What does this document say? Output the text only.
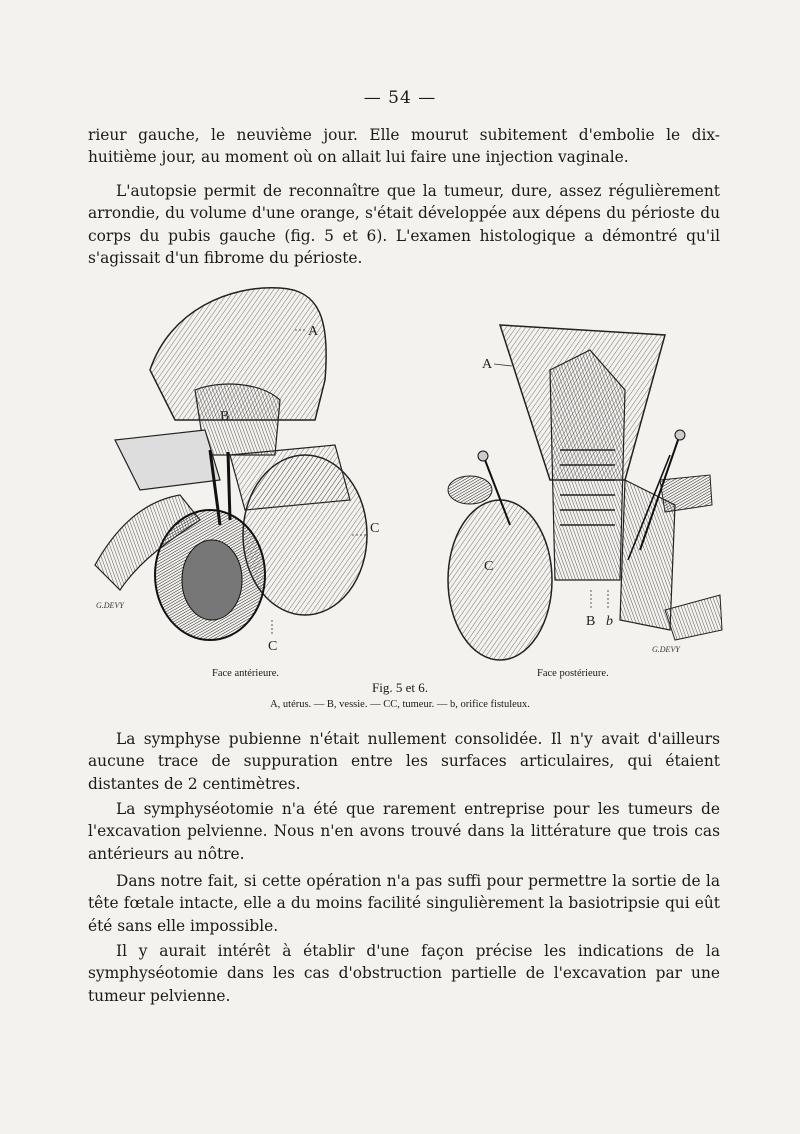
— 54 —

rieur gauche, le neuvième jour. Elle mourut subitement d'embolie le dix-huitième jour, au moment où on allait lui faire une injection vaginale.

L'autopsie permit de reconnaître que la tumeur, dure, assez régulièrement arrondie, du volume d'une orange, s'était développée aux dépens du périoste du corps du pubis gauche (fig. 5 et 6). L'examen histologique a démontré qu'il s'agissait d'un fibrome du périoste.

A
B
C
C
G.DEVY
A
C
B b
G.DEVY
Face antérieure.	Face postérieure.
Fig. 5 et 6.
A, utérus. — B, vessie. — CC, tumeur. — b, orifice fistuleux.

La symphyse pubienne n'était nullement consolidée. Il n'y avait d'ailleurs aucune trace de suppuration entre les surfaces articulaires, qui étaient distantes de 2 centimètres.

La symphyséotomie n'a été que rarement entreprise pour les tumeurs de l'excavation pelvienne. Nous n'en avons trouvé dans la littérature que trois cas antérieurs au nôtre.

Dans notre fait, si cette opération n'a pas suffi pour permettre la sortie de la tête fœtale intacte, elle a du moins facilité singulièrement la basiotripsie qui eût été sans elle impossible.

Il y aurait intérêt à établir d'une façon précise les indications de la symphyséotomie dans les cas d'obstruction partielle de l'excavation par une tumeur pelvienne.
